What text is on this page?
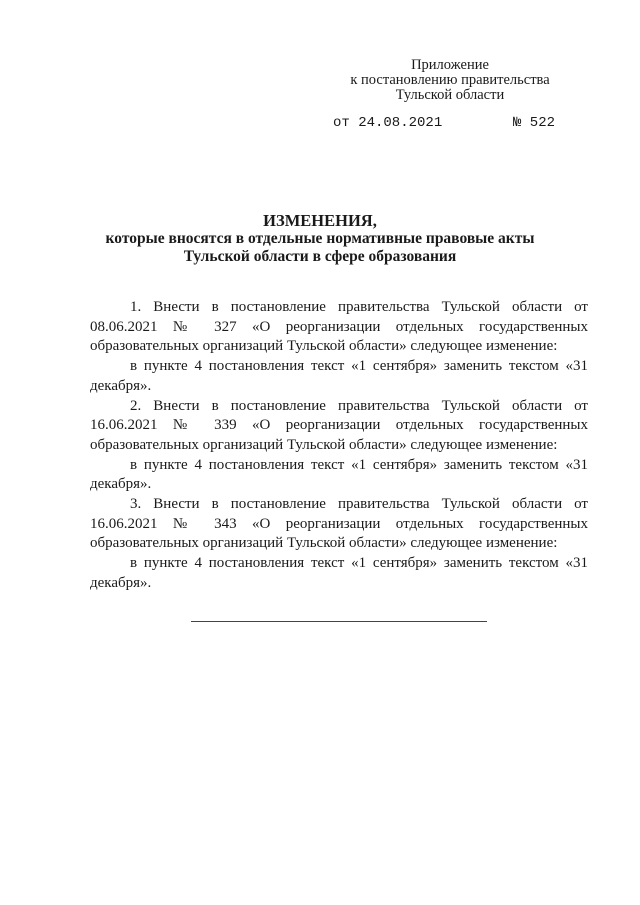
Приложение
к постановлению правительства
Тульской области
от 24.08.2021	№ 522
ИЗМЕНЕНИЯ,
которые вносятся в отдельные нормативные правовые акты
Тульской области в сфере образования

1. Внести в постановление правительства Тульской области от 08.06.2021 № 327 «О реорганизации отдельных государственных образовательных организаций Тульской области» следующее изменение:

в пункте 4 постановления текст «1 сентября» заменить текстом «31 декабря».

2. Внести в постановление правительства Тульской области от 16.06.2021 № 339 «О реорганизации отдельных государственных образовательных организаций Тульской области» следующее изменение:

в пункте 4 постановления текст «1 сентября» заменить текстом «31 декабря».

3. Внести в постановление правительства Тульской области от 16.06.2021 № 343 «О реорганизации отдельных государственных образовательных организаций Тульской области» следующее изменение:

в пункте 4 постановления текст «1 сентября» заменить текстом «31 декабря».
